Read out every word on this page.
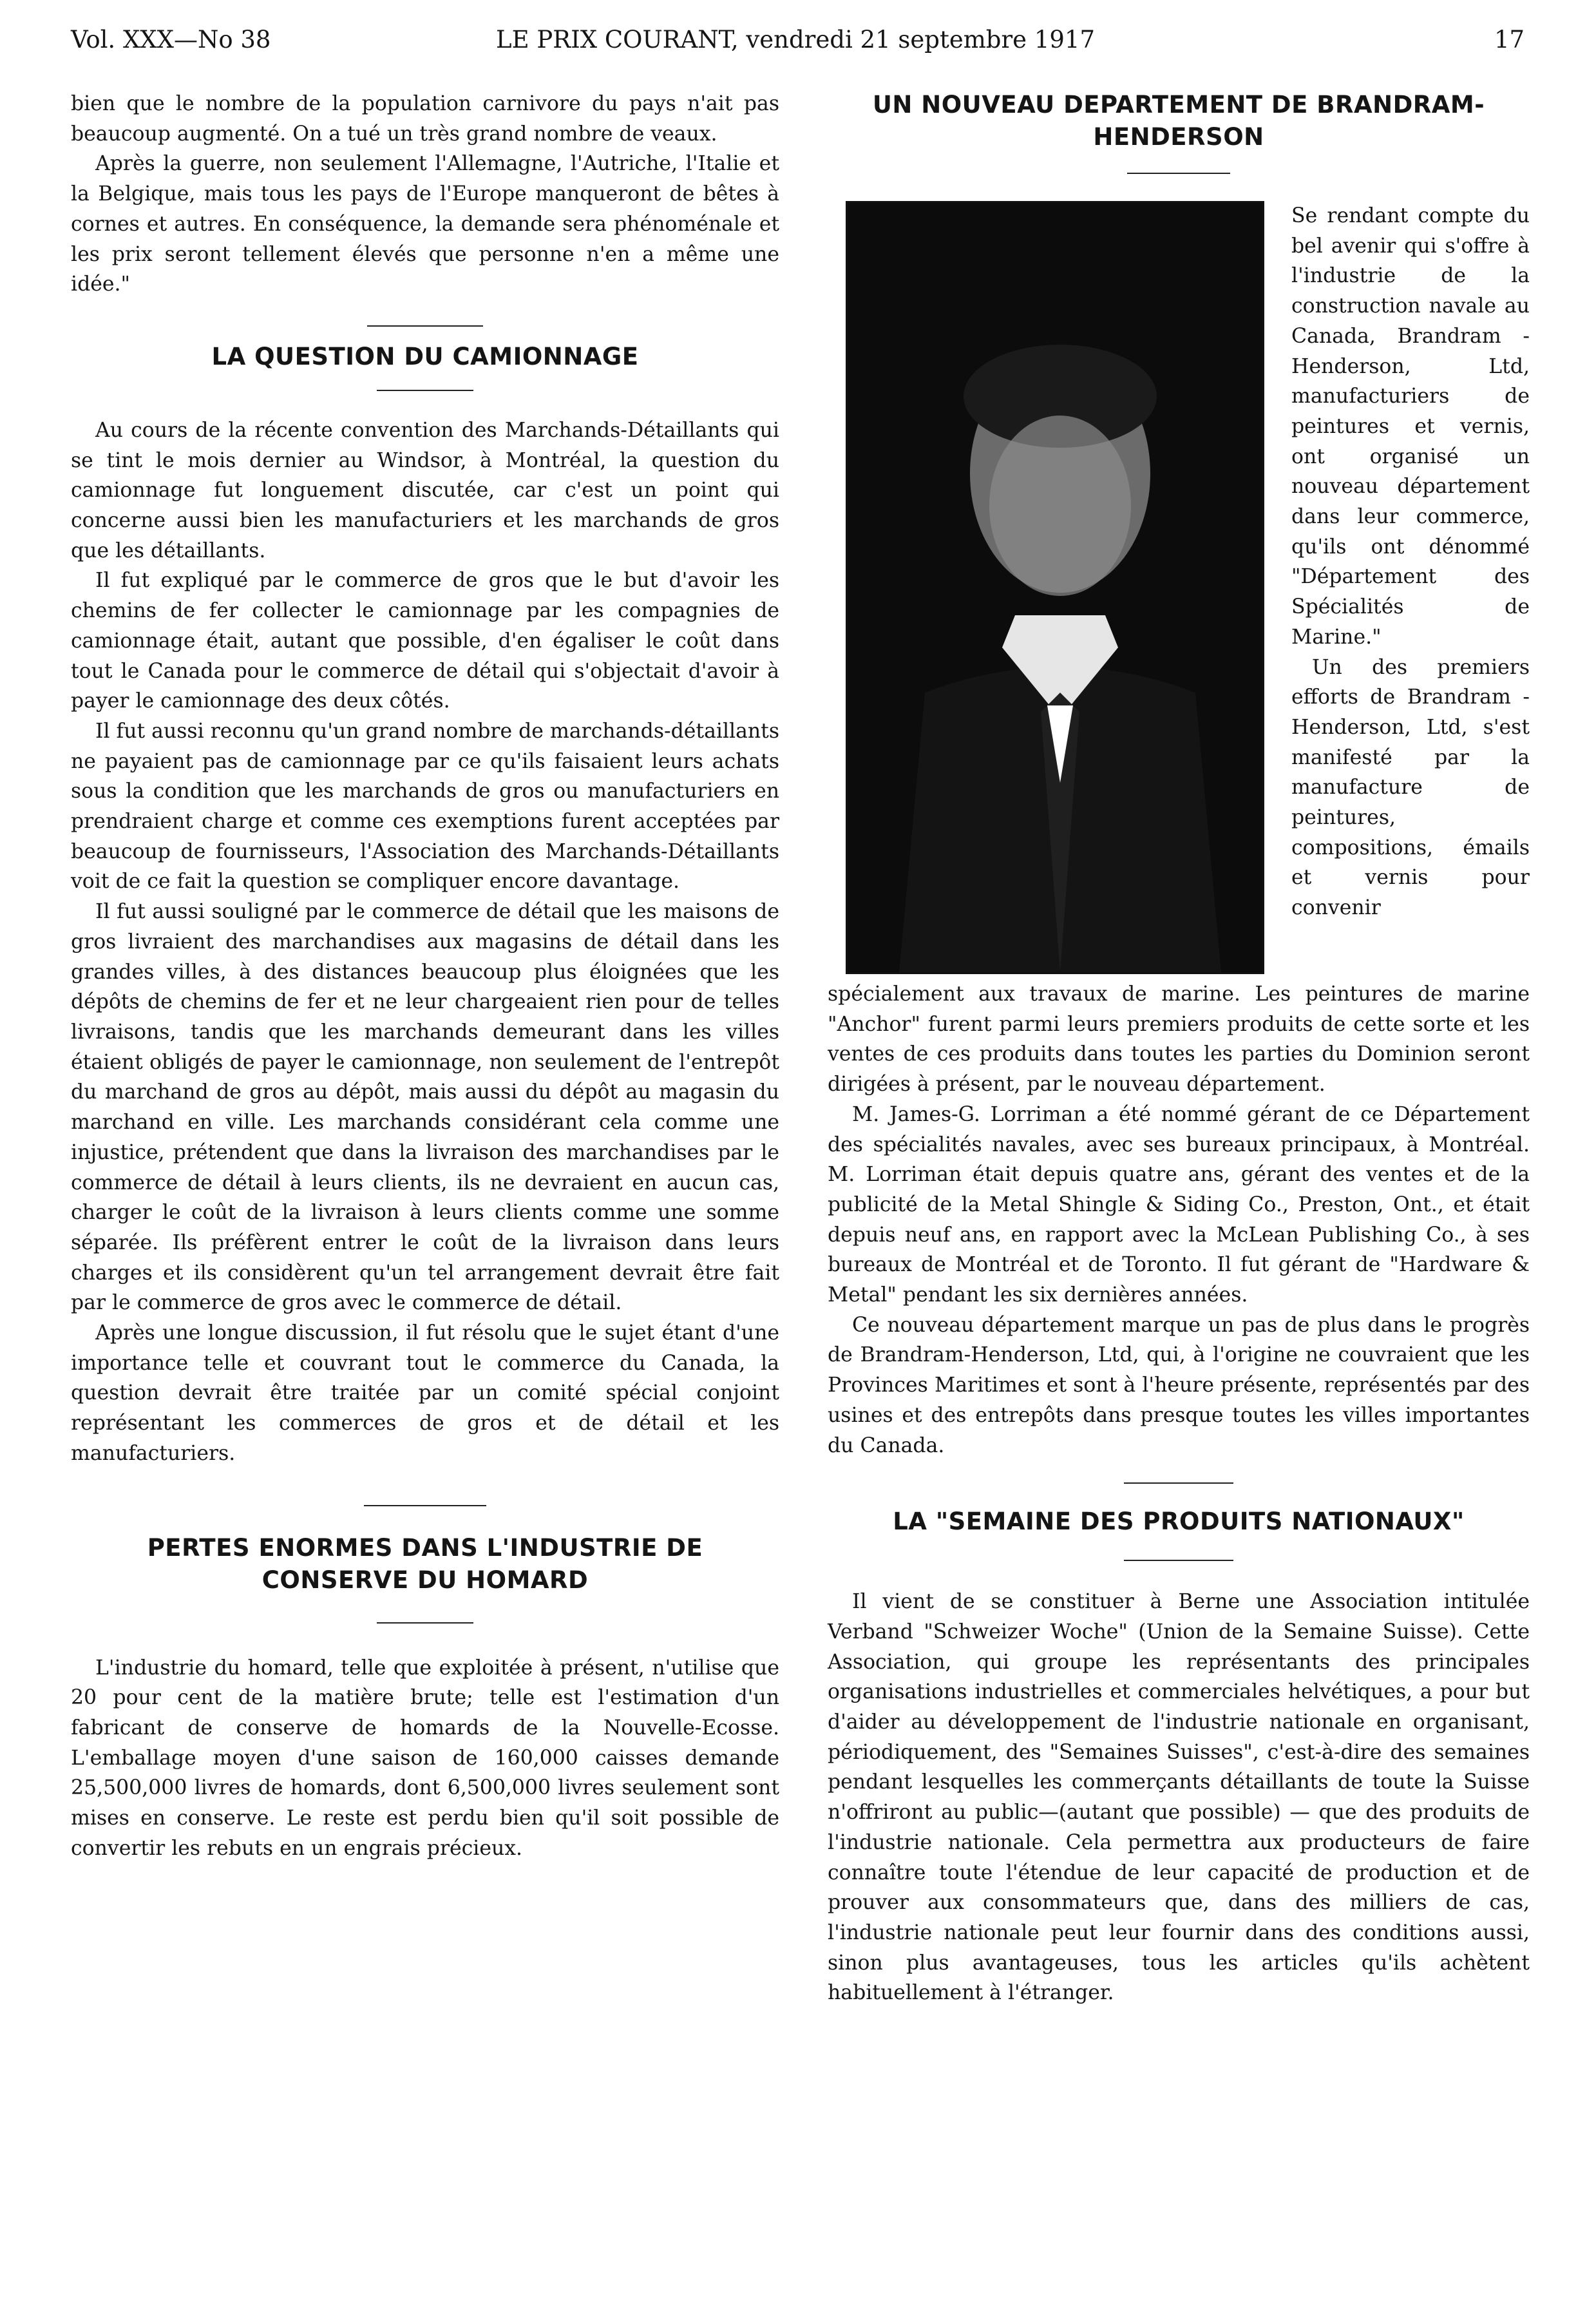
Vol. XXX—No 38	LE PRIX COURANT, vendredi 21 septembre 1917	17

bien que le nombre de la population carnivore du pays n'ait pas beaucoup augmenté. On a tué un très grand nombre de veaux.

Après la guerre, non seulement l'Allemagne, l'Autriche, l'Italie et la Belgique, mais tous les pays de l'Europe manqueront de bêtes à cornes et autres. En conséquence, la demande sera phénoménale et les prix seront tellement élevés que personne n'en a même une idée."

LA QUESTION DU CAMIONNAGE

Au cours de la récente convention des Marchands-Détaillants qui se tint le mois dernier au Windsor, à Montréal, la question du camionnage fut longuement discutée, car c'est un point qui concerne aussi bien les manufacturiers et les marchands de gros que les détaillants.

Il fut expliqué par le commerce de gros que le but d'avoir les chemins de fer collecter le camionnage par les compagnies de camionnage était, autant que possible, d'en égaliser le coût dans tout le Canada pour le commerce de détail qui s'objectait d'avoir à payer le camionnage des deux côtés.

Il fut aussi reconnu qu'un grand nombre de marchands-détaillants ne payaient pas de camionnage par ce qu'ils faisaient leurs achats sous la condition que les marchands de gros ou manufacturiers en prendraient charge et comme ces exemptions furent acceptées par beaucoup de fournisseurs, l'Association des Marchands-Détaillants voit de ce fait la question se compliquer encore davantage.

Il fut aussi souligné par le commerce de détail que les maisons de gros livraient des marchandises aux magasins de détail dans les grandes villes, à des distances beaucoup plus éloignées que les dépôts de chemins de fer et ne leur chargeaient rien pour de telles livraisons, tandis que les marchands demeurant dans les villes étaient obligés de payer le camionnage, non seulement de l'entrepôt du marchand de gros au dépôt, mais aussi du dépôt au magasin du marchand en ville. Les marchands considérant cela comme une injustice, prétendent que dans la livraison des marchandises par le commerce de détail à leurs clients, ils ne devraient en aucun cas, charger le coût de la livraison à leurs clients comme une somme séparée. Ils préfèrent entrer le coût de la livraison dans leurs charges et ils considèrent qu'un tel arrangement devrait être fait par le commerce de gros avec le commerce de détail.

Après une longue discussion, il fut résolu que le sujet étant d'une importance telle et couvrant tout le commerce du Canada, la question devrait être traitée par un comité spécial conjoint représentant les commerces de gros et de détail et les manufacturiers.

PERTES ENORMES DANS L'INDUSTRIE DE CONSERVE DU HOMARD

L'industrie du homard, telle que exploitée à présent, n'utilise que 20 pour cent de la matière brute; telle est l'estimation d'un fabricant de conserve de homards de la Nouvelle-Ecosse. L'emballage moyen d'une saison de 160,000 caisses demande 25,500,000 livres de homards, dont 6,500,000 livres seulement sont mises en conserve. Le reste est perdu bien qu'il soit possible de convertir les rebuts en un engrais précieux.

UN NOUVEAU DEPARTEMENT DE BRANDRAM-HENDERSON

Se rendant compte du bel avenir qui s'offre à l'industrie de la construction navale au Canada, Brandram - Henderson, Ltd, manufacturiers de peintures et vernis, ont organisé un nouveau département dans leur commerce, qu'ils ont dénommé "Département des Spécialités de Marine."

Un des premiers efforts de Brandram - Henderson, Ltd, s'est manifesté par la manufacture de peintures, compositions, émails et vernis pour convenir

spécialement aux travaux de marine. Les peintures de marine "Anchor" furent parmi leurs premiers produits de cette sorte et les ventes de ces produits dans toutes les parties du Dominion seront dirigées à présent, par le nouveau département.

M. James-G. Lorriman a été nommé gérant de ce Département des spécialités navales, avec ses bureaux principaux, à Montréal. M. Lorriman était depuis quatre ans, gérant des ventes et de la publicité de la Metal Shingle & Siding Co., Preston, Ont., et était depuis neuf ans, en rapport avec la McLean Publishing Co., à ses bureaux de Montréal et de Toronto. Il fut gérant de "Hardware & Metal" pendant les six dernières années.

Ce nouveau département marque un pas de plus dans le progrès de Brandram-Henderson, Ltd, qui, à l'origine ne couvraient que les Provinces Maritimes et sont à l'heure présente, représentés par des usines et des entrepôts dans presque toutes les villes importantes du Canada.

LA "SEMAINE DES PRODUITS NATIONAUX"

Il vient de se constituer à Berne une Association intitulée Verband "Schweizer Woche" (Union de la Semaine Suisse). Cette Association, qui groupe les représentants des principales organisations industrielles et commerciales helvétiques, a pour but d'aider au développement de l'industrie nationale en organisant, périodiquement, des "Semaines Suisses", c'est-à-dire des semaines pendant lesquelles les commerçants détaillants de toute la Suisse n'offriront au public—(autant que possible) — que des produits de l'industrie nationale. Cela permettra aux producteurs de faire connaître toute l'étendue de leur capacité de production et de prouver aux consommateurs que, dans des milliers de cas, l'industrie nationale peut leur fournir dans des conditions aussi, sinon plus avantageuses, tous les articles qu'ils achètent habituellement à l'étranger.
